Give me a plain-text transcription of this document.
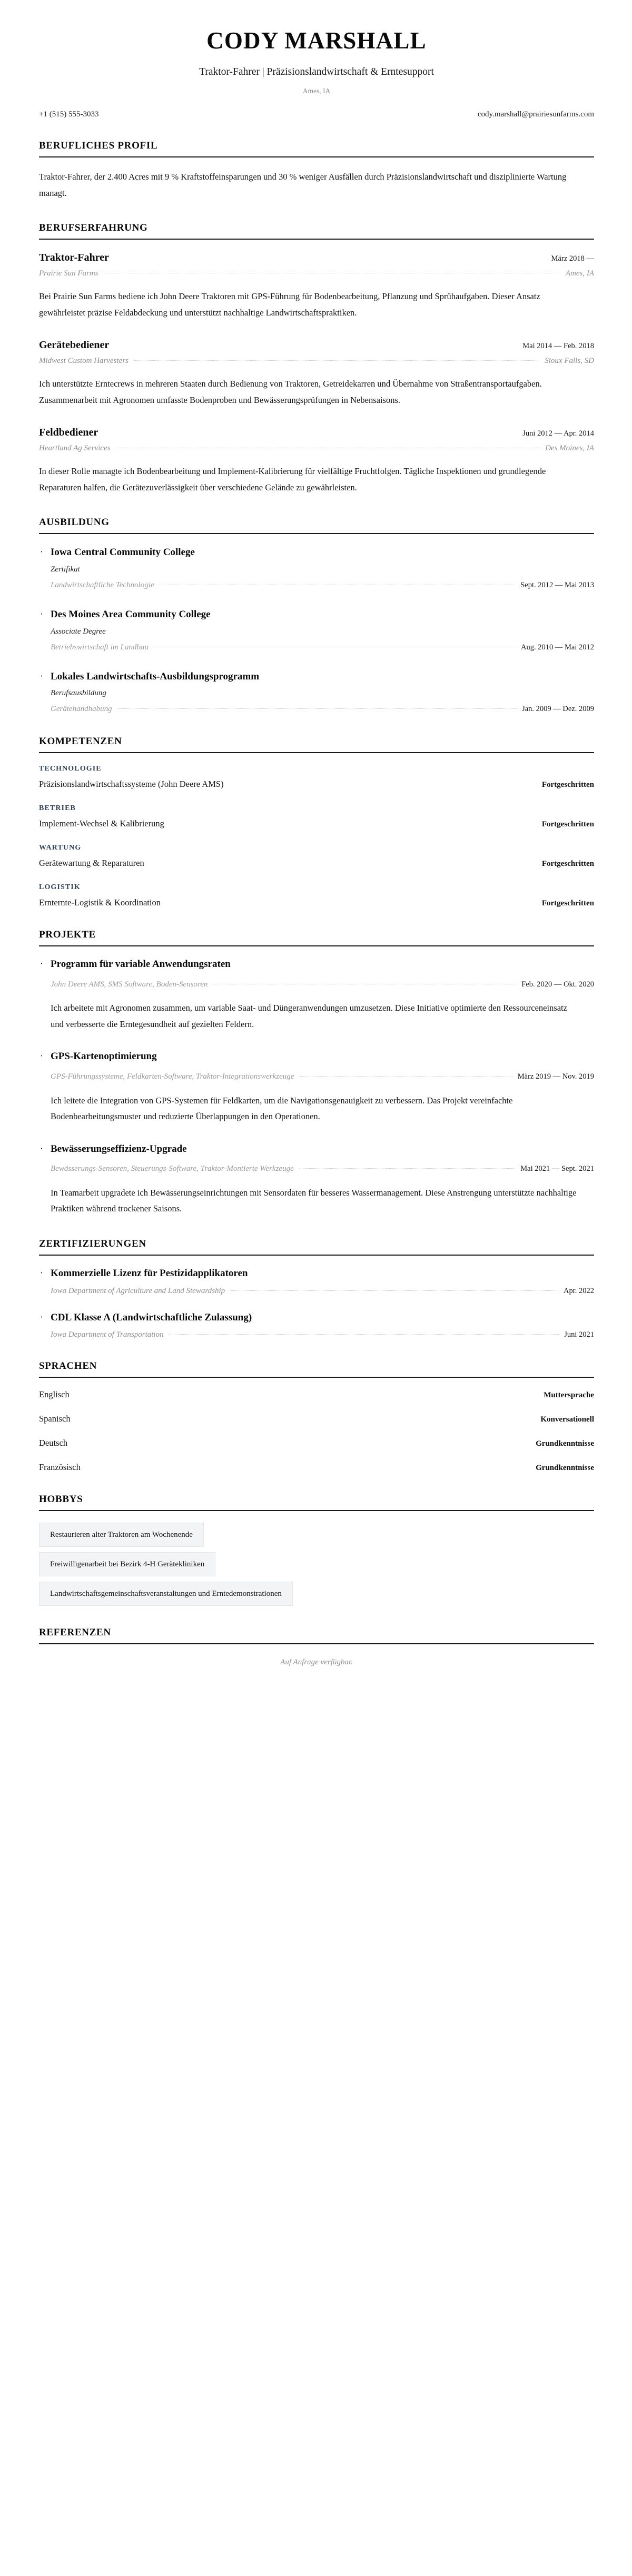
CODY MARSHALL
Traktor-Fahrer | Präzisionslandwirtschaft & Erntesupport
Ames, IA
+1 (515) 555-3033	cody.marshall@prairiesunfarms.com
BERUFLICHES PROFIL
Traktor-Fahrer, der 2.400 Acres mit 9 % Kraftstoffeinsparungen und 30 % weniger Ausfällen durch Präzisionslandwirtschaft und disziplinierte Wartung managt.
BERUFSERFAHRUNG
Traktor-Fahrer	März 2018 —
Prairie Sun Farms	Ames, IA
Bei Prairie Sun Farms bediene ich John Deere Traktoren mit GPS-Führung für Bodenbearbeitung, Pflanzung und Sprühaufgaben. Dieser Ansatz gewährleistet präzise Feldabdeckung und unterstützt nachhaltige Landwirtschaftspraktiken.
Gerätebediener	Mai 2014 — Feb. 2018
Midwest Custom Harvesters	Sioux Falls, SD
Ich unterstützte Erntecrews in mehreren Staaten durch Bedienung von Traktoren, Getreidekarren und Übernahme von Straßentransportaufgaben. Zusammenarbeit mit Agronomen umfasste Bodenproben und Bewässerungsprüfungen in Nebensaisons.
Feldbediener	Juni 2012 — Apr. 2014
Heartland Ag Services	Des Moines, IA
In dieser Rolle managte ich Bodenbearbeitung und Implement-Kalibrierung für vielfältige Fruchtfolgen. Tägliche Inspektionen und grundlegende Reparaturen halfen, die Gerätezuverlässigkeit über verschiedene Gelände zu gewährleisten.
AUSBILDUNG
· Iowa Central Community College
Zertifikat
Landwirtschaftliche Technologie	Sept. 2012 — Mai 2013
· Des Moines Area Community College
Associate Degree
Betriebswirtschaft im Landbau	Aug. 2010 — Mai 2012
· Lokales Landwirtschafts-Ausbildungsprogramm
Berufsausbildung
Gerätehandhabung	Jan. 2009 — Dez. 2009
KOMPETENZEN
TECHNOLOGIE
Präzisionslandwirtschaftssysteme (John Deere AMS)	Fortgeschritten
BETRIEB
Implement-Wechsel & Kalibrierung	Fortgeschritten
WARTUNG
Gerätewartung & Reparaturen	Fortgeschritten
LOGISTIK
Ernternte-Logistik & Koordination	Fortgeschritten
PROJEKTE
· Programm für variable Anwendungsraten
John Deere AMS, SMS Software, Boden-Sensoren	Feb. 2020 — Okt. 2020
Ich arbeitete mit Agronomen zusammen, um variable Saat- und Düngeranwendungen umzusetzen. Diese Initiative optimierte den Ressourceneinsatz und verbesserte die Erntegesundheit auf gezielten Feldern.
· GPS-Kartenoptimierung
GPS-Führungssysteme, Feldkarten-Software, Traktor-Integrationswerkzeuge	März 2019 — Nov. 2019
Ich leitete die Integration von GPS-Systemen für Feldkarten, um die Navigationsgenauigkeit zu verbessern. Das Projekt vereinfachte Bodenbearbeitungsmuster und reduzierte Überlappungen in den Operationen.
· Bewässerungseffizienz-Upgrade
Bewässerungs-Sensoren, Steuerungs-Software, Traktor-Montierte Werkzeuge	Mai 2021 — Sept. 2021
In Teamarbeit upgradete ich Bewässerungseinrichtungen mit Sensordaten für besseres Wassermanagement. Diese Anstrengung unterstützte nachhaltige Praktiken während trockener Saisons.
ZERTIFIZIERUNGEN
· Kommerzielle Lizenz für Pestizidapplikatoren
Iowa Department of Agriculture and Land Stewardship	Apr. 2022
· CDL Klasse A (Landwirtschaftliche Zulassung)
Iowa Department of Transportation	Juni 2021
SPRACHEN
Englisch	Muttersprache
Spanisch	Konversationell
Deutsch	Grundkenntnisse
Französisch	Grundkenntnisse
HOBBYS
Restaurieren alter Traktoren am Wochenende
Freiwilligenarbeit bei Bezirk 4-H Gerätekliniken
Landwirtschaftsgemeinschaftsveranstaltungen und Erntedemonstrationen
REFERENZEN
Auf Anfrage verfügbar.
